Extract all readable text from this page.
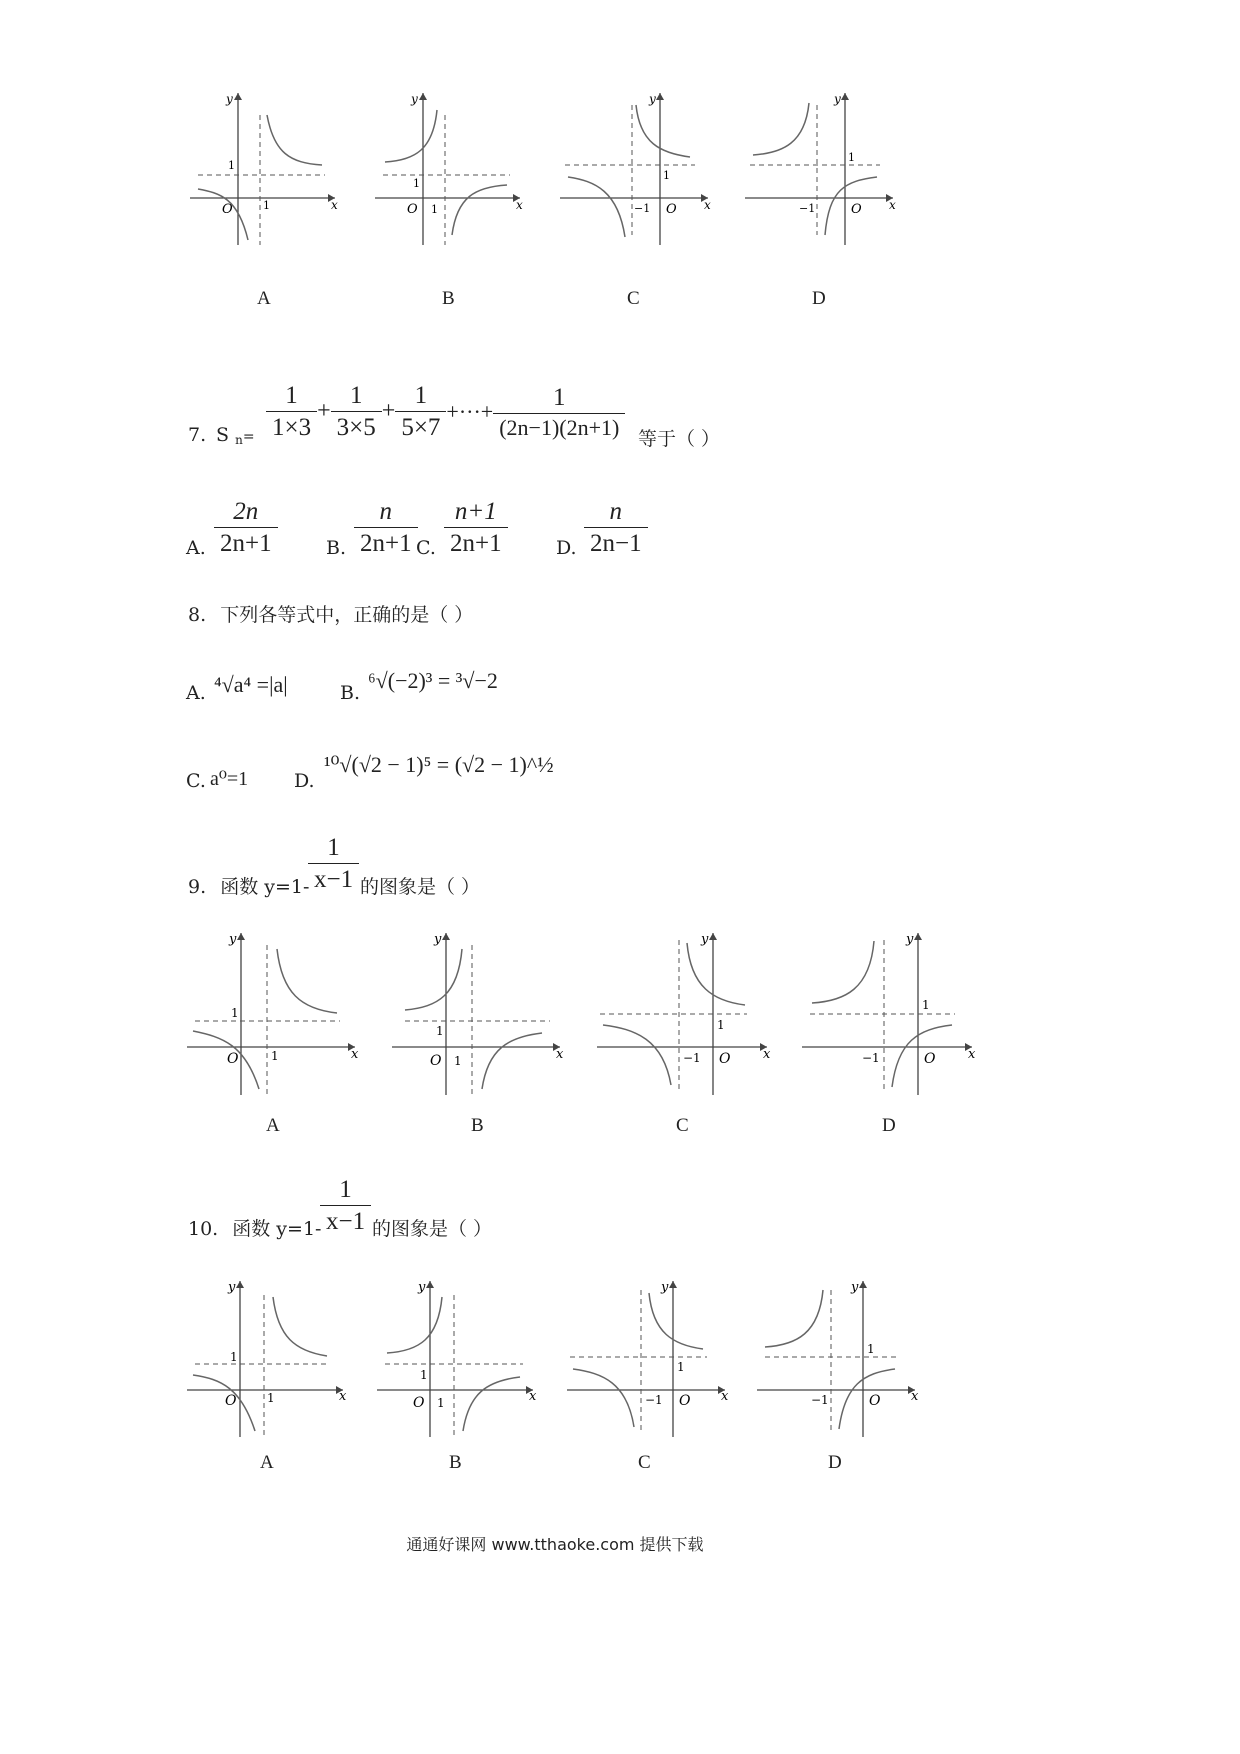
O	1
1
x
y
O 1
1
x
y
O
−1
1
x
y
O
−1
1
x
y
A	B	C	D
7. S $n= \frac{1}{1\times 3} + \frac{1}{3\times 5} + \frac{1}{5\times 7}$ +···+ $\frac{1}{(2n-1)(2n+1)}$ 等于（ ）
A. $\frac{2n}{2n+1}$	B. $\frac{n}{2n+1}$
C. $\frac{n+1}{2n+1}$	D. $\frac{n}{2n-1}$
8. 下列各等式中，正确的是（ ）
A. ⁴√a⁴ =|a|	B. ⁶√(−2)³ = ³√−2
C. a⁰=1 D.
¹⁰√(√2 − 1)⁵ = (√2 − 1)^½
9. 函数 y=1-
$\frac{1}{x-1}$ 的图象是（ ）
O	1
1
x
y
O 1
1
x
y
O
−1
1
x
y
O
−1
1
x
y
A	B	C	D
10. 函数 y=1-
$\frac{1}{x-1}$ 的图象是（ ）
O	1
1
x
y
O 1
1
x
y
O
−1
1
x
y
O
−1
1
x
y
A	B	C	D
通通好课网 www.tthaoke.com 提供下载
